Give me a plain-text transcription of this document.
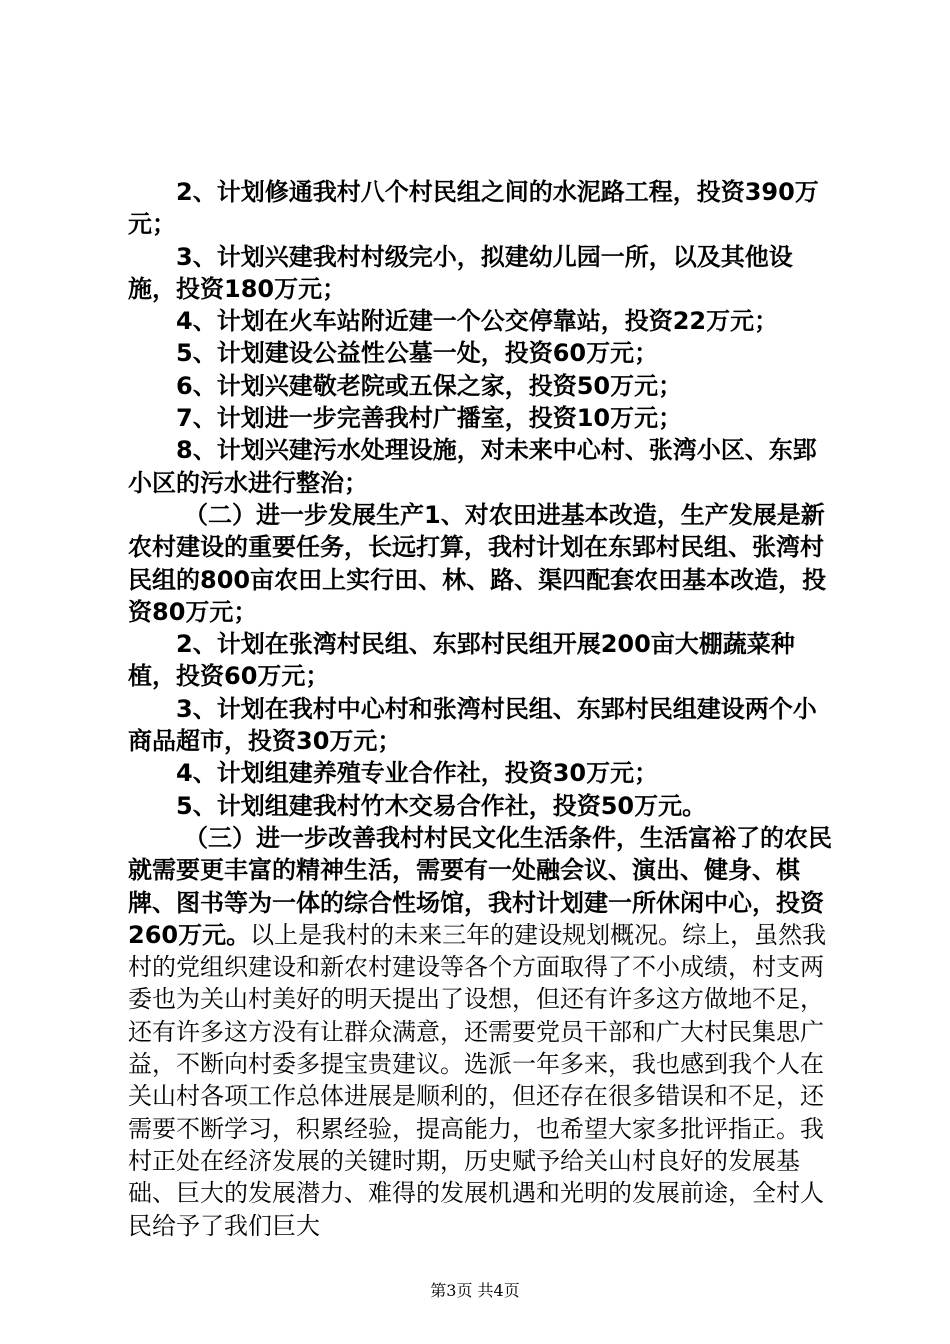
2、计划修通我村八个村民组之间的水泥路工程，投资390万元；

3、计划兴建我村村级完小，拟建幼儿园一所，以及其他设施，投资180万元；

4、计划在火车站附近建一个公交停靠站，投资22万元；

5、计划建设公益性公墓一处，投资60万元；

6、计划兴建敬老院或五保之家，投资50万元；

7、计划进一步完善我村广播室，投资10万元；

8、计划兴建污水处理设施，对未来中心村、张湾小区、东郢小区的污水进行整治；

（二）进一步发展生产1、对农田进基本改造，生产发展是新农村建设的重要任务，长远打算，我村计划在东郢村民组、张湾村民组的800亩农田上实行田、林、路、渠四配套农田基本改造，投资80万元；

2、计划在张湾村民组、东郢村民组开展200亩大棚蔬菜种植，投资60万元；

3、计划在我村中心村和张湾村民组、东郢村民组建设两个小商品超市，投资30万元；

4、计划组建养殖专业合作社，投资30万元；

5、计划组建我村竹木交易合作社，投资50万元。

（三）进一步改善我村村民文化生活条件，生活富裕了的农民就需要更丰富的精神生活，需要有一处融会议、演出、健身、棋牌、图书等为一体的综合性场馆，我村计划建一所休闲中心，投资260万元。以上是我村的未来三年的建设规划概况。综上，虽然我村的党组织建设和新农村建设等各个方面取得了不小成绩，村支两委也为关山村美好的明天提出了设想，但还有许多这方做地不足，还有许多这方没有让群众满意，还需要党员干部和广大村民集思广益，不断向村委多提宝贵建议。选派一年多来，我也感到我个人在关山村各项工作总体进展是顺利的，但还存在很多错误和不足，还需要不断学习，积累经验，提高能力，也希望大家多批评指正。我村正处在经济发展的关键时期，历史赋予给关山村良好的发展基础、巨大的发展潜力、难得的发展机遇和光明的发展前途，全村人民给予了我们巨大

第3页 共4页
